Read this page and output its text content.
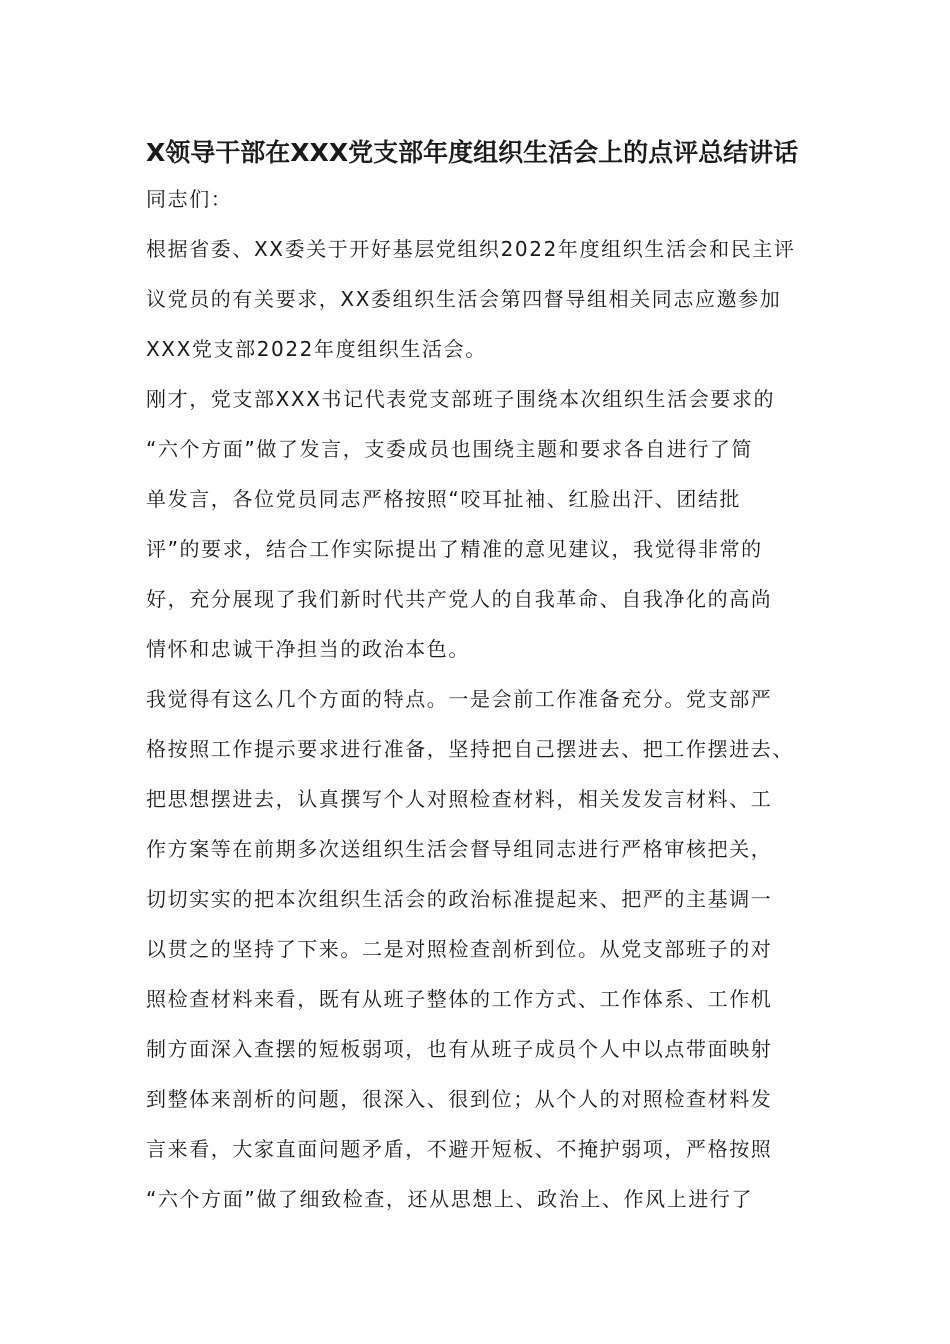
X领导干部在XXX党支部年度组织生活会上的点评总结讲话

同志们：

根据省委、XX委关于开好基层党组织2022年度组织生活会和民主评

议党员的有关要求，XX委组织生活会第四督导组相关同志应邀参加

XXX党支部2022年度组织生活会。

刚才，党支部XXX书记代表党支部班子围绕本次组织生活会要求的

“六个方面”做了发言，支委成员也围绕主题和要求各自进行了简

单发言，各位党员同志严格按照“咬耳扯袖、红脸出汗、团结批

评”的要求，结合工作实际提出了精准的意见建议，我觉得非常的

好，充分展现了我们新时代共产党人的自我革命、自我净化的高尚

情怀和忠诚干净担当的政治本色。

我觉得有这么几个方面的特点。一是会前工作准备充分。党支部严

格按照工作提示要求进行准备，坚持把自己摆进去、把工作摆进去、

把思想摆进去，认真撰写个人对照检查材料，相关发发言材料、工

作方案等在前期多次送组织生活会督导组同志进行严格审核把关，

切切实实的把本次组织生活会的政治标准提起来、把严的主基调一

以贯之的坚持了下来。二是对照检查剖析到位。从党支部班子的对

照检查材料来看，既有从班子整体的工作方式、工作体系、工作机

制方面深入查摆的短板弱项，也有从班子成员个人中以点带面映射

到整体来剖析的问题，很深入、很到位；从个人的对照检查材料发

言来看，大家直面问题矛盾，不避开短板、不掩护弱项，严格按照

“六个方面”做了细致检查，还从思想上、政治上、作风上进行了
